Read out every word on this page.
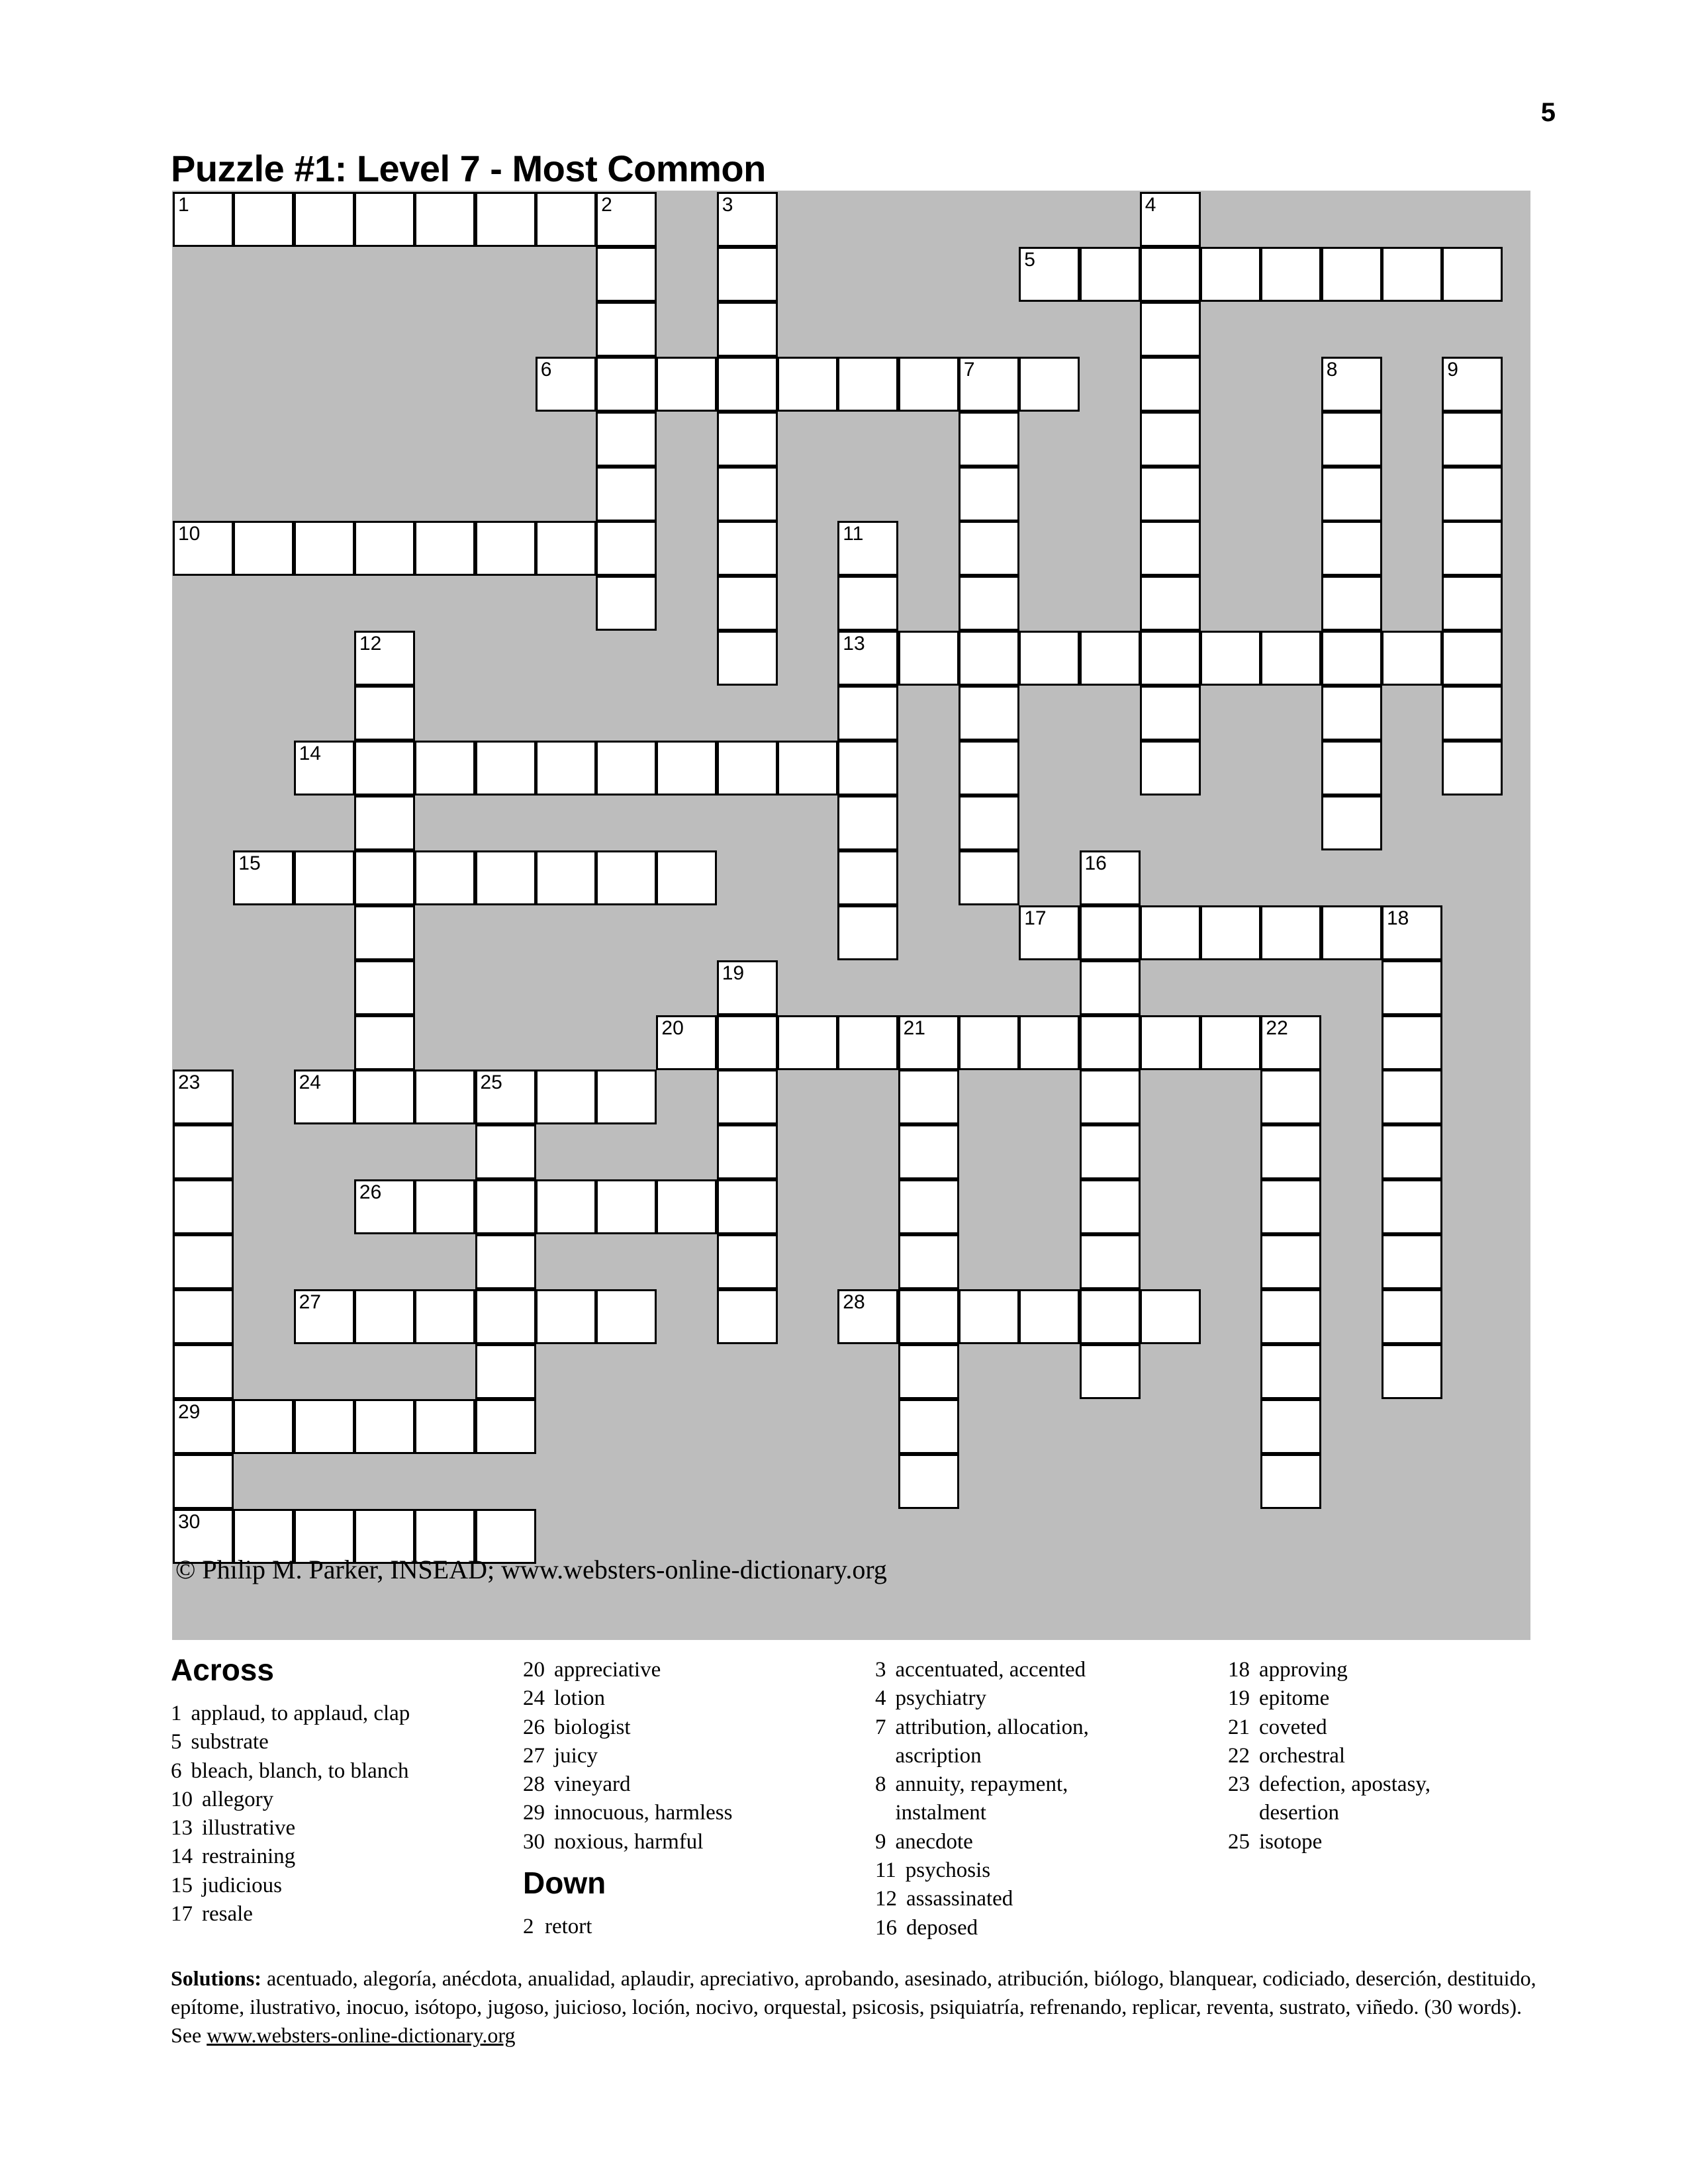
5
Puzzle #1: Level 7 - Most Common
1	2	3	4
5
6	7	8	9
10	11
13
12
14
15	16
17	18
19
20	21	22
23
29
24	25
26
27	28
30
© Philip M. Parker, INSEAD; www.websters-online-dictionary.org
Across
1 applaud, to applaud, clap
5 substrate
6 bleach, blanch, to blanch
10 allegory
13 illustrative
14 restraining
15 judicious
17 resale
20 appreciative
24 lotion
26 biologist
27 juicy
28 vineyard
29 innocuous, harmless
30 noxious, harmful
Down
2 retort
3 accentuated, accented
4 psychiatry
7 attribution, allocation, ascription
8 annuity, repayment, instalment
9 anecdote
11 psychosis
12 assassinated
16 deposed
18 approving
19 epitome
21 coveted
22 orchestral
23 defection, apostasy, desertion
25 isotope
Solutions: acentuado, alegoría, anécdota, anualidad, aplaudir, apreciativo, aprobando, asesinado, atribución, biólogo, blanquear, codiciado, deserción, destituido, epítome, ilustrativo, inocuo, isótopo, jugoso, juicioso, loción, nocivo, orquestal, psicosis, psiquiatría, refrenando, replicar, reventa, sustrato, viñedo. (30 words). See www.websters-online-dictionary.org
